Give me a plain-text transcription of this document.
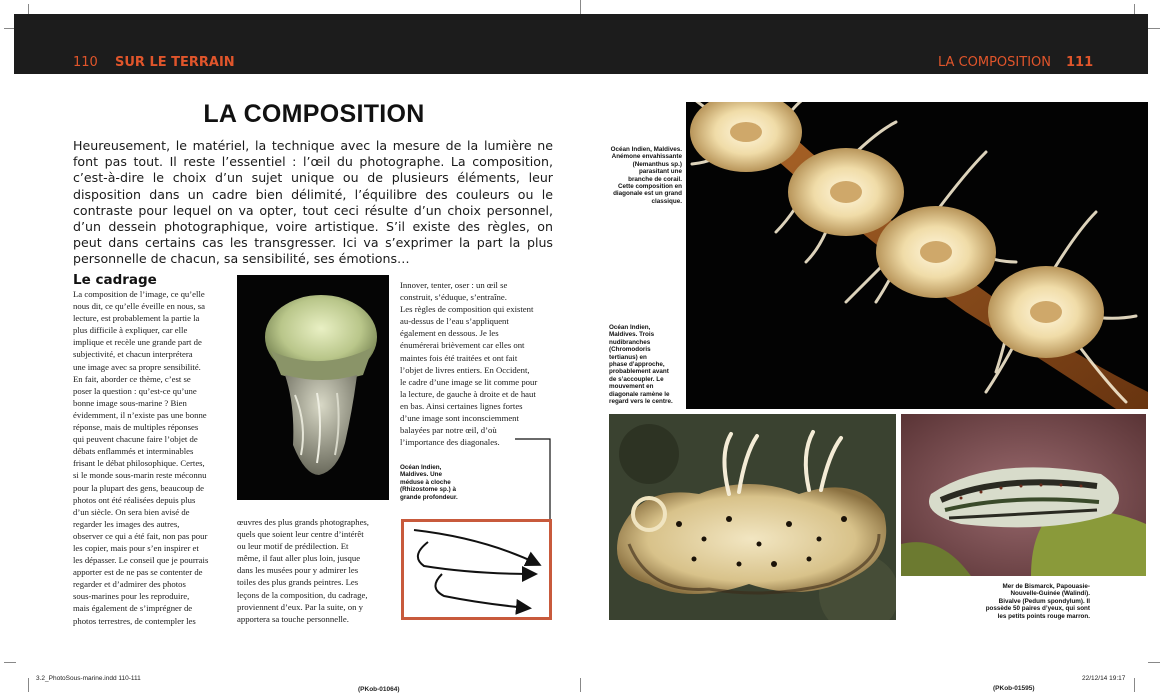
110 SUR LE TERRAIN	LA COMPOSITION 111
LA COMPOSITION
Heureusement, le matériel, la technique avec la mesure de la lumière ne font pas tout. Il reste l’essentiel : l’œil du photographe. La composition, c’est-à-dire le choix d’un sujet unique ou de plusieurs éléments, leur disposition dans un cadre bien délimité, l’équilibre des couleurs ou le contraste pour lequel on va opter, tout ceci résulte d’un choix personnel, d’un dessein photographique, voire artistique. S’il existe des règles, on peut dans certains cas les transgresser. Ici va s’exprimer la part la plus personnelle de chacun, sa sensibilité, ses émotions…
Le cadrage
La composition de l’image, ce qu’elle
nous dit, ce qu’elle éveille en nous, sa
lecture, est probablement la partie la
plus difficile à expliquer, car elle
implique et recèle une grande part de
subjectivité, et chacun interprétera
une image avec sa propre sensibilité.
En fait, aborder ce thème, c’est se
poser la question : qu’est-ce qu’une
bonne image sous-marine ? Bien
évidemment, il n’existe pas une bonne
réponse, mais de multiples réponses
qui peuvent chacune faire l’objet de
débats enflammés et interminables
frisant le débat philosophique. Certes,
si le monde sous-marin reste méconnu
pour la plupart des gens, beaucoup de
photos ont été réalisées depuis plus
d’un siècle. On sera bien avisé de
regarder les images des autres,
observer ce qui a été fait, non pas pour
les copier, mais pour s’en inspirer et
les dépasser. Le conseil que je pourrais
apporter est de ne pas se contenter de
regarder et d’admirer des photos
sous-marines pour les reproduire,
mais également de s’imprégner de
photos terrestres, de contempler les
œuvres des plus grands photographes,
quels que soient leur centre d’intérêt
ou leur motif de prédilection. Et
même, il faut aller plus loin, jusque
dans les musées pour y admirer les
toiles des plus grands peintres. Les
leçons de la composition, du cadrage,
proviennent d’eux. Par la suite, on y
apportera sa touche personnelle.
Innover, tenter, oser : un œil se
construit, s’éduque, s’entraîne.
Les règles de composition qui existent
au-dessus de l’eau s’appliquent
également en dessous. Je les
énumérerai brièvement car elles ont
maintes fois été traitées et ont fait
l’objet de livres entiers. En Occident,
le cadre d’une image se lit comme pour
la lecture, de gauche à droite et de haut
en bas. Ainsi certaines lignes fortes
d’une image sont inconsciemment
balayées par notre œil, d’où
l’importance des diagonales.
Océan Indien,
Maldives. Une
méduse à cloche
(Rhizostome sp.) à
grande profondeur.
Océan Indien, Maldives.
Anémone envahissante
(Nemanthus sp.)
parasitant une
branche de corail.
Cette composition en
diagonale est un grand
classique.
Océan Indien,
Maldives. Trois
nudibranches
(Chromodoris
tertianus) en
phase d’approche,
probablement avant
de s’accoupler. Le
mouvement en
diagonale ramène le
regard vers le centre.
Mer de Bismarck, Papouasie-
Nouvelle-Guinée (Walindi).
Bivalve (Pedum spondylum). Il
possède 50 paires d’yeux, qui sont
les petits points rouge marron.
3.2_PhotoSous-marine.indd 110-111
(PKob-01064)	(PKob-01595)
22/12/14 19:17
